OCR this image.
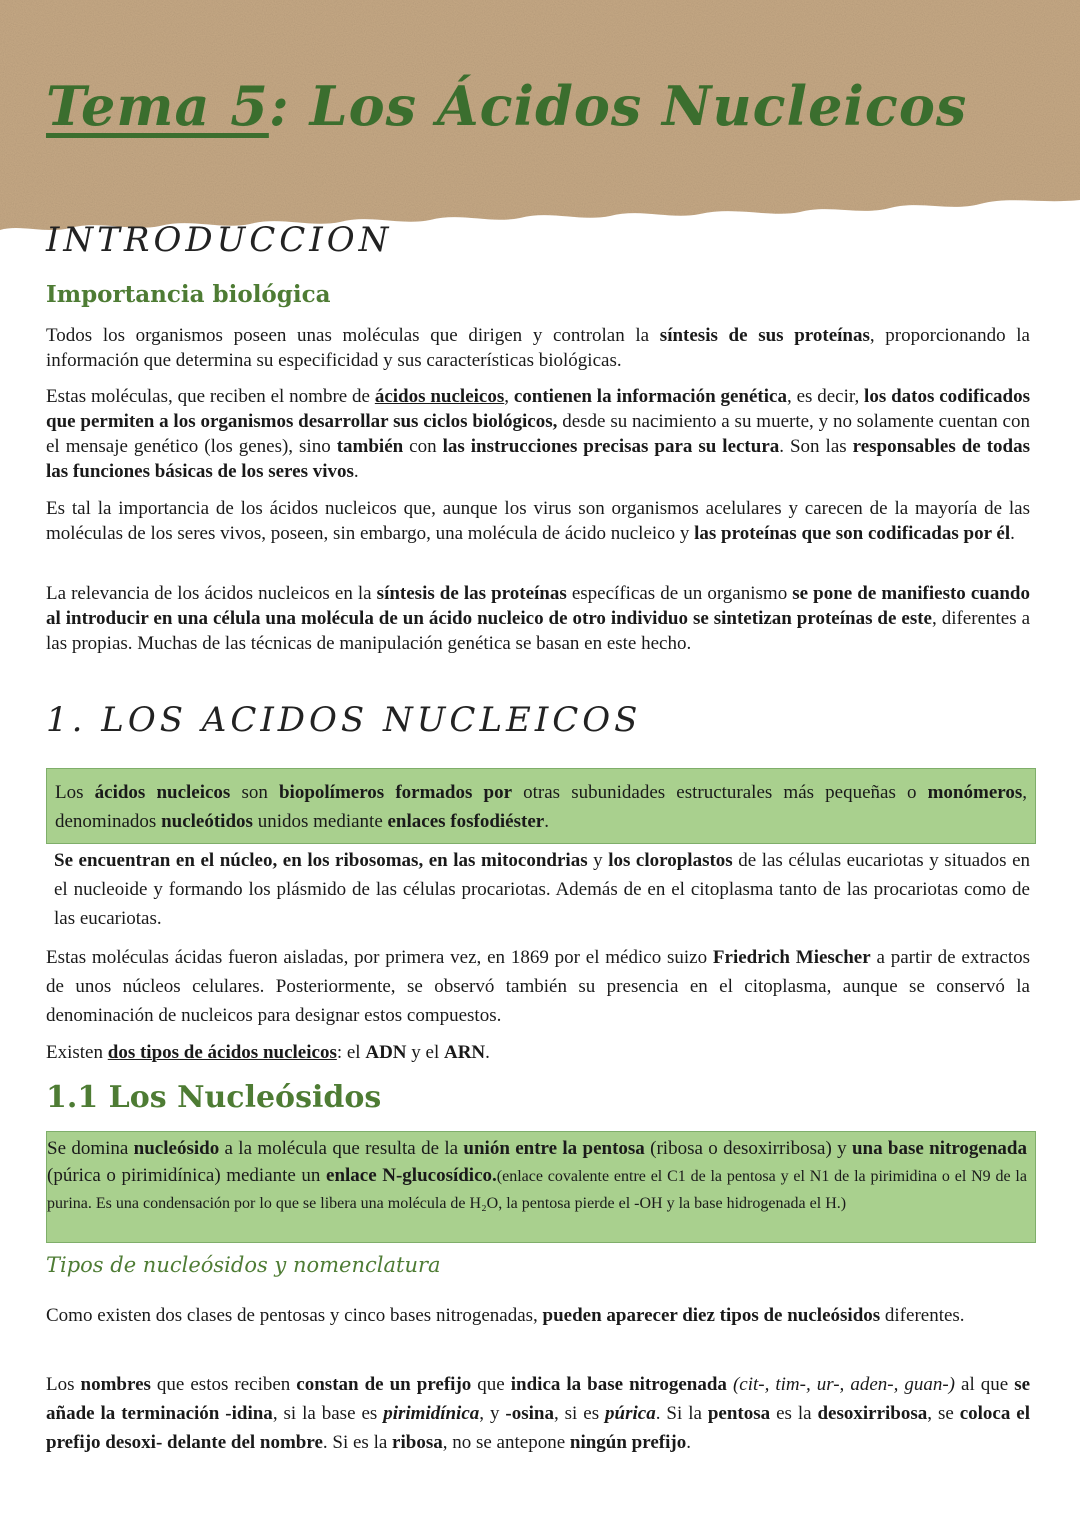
Tema 5: Los Ácidos Nucleicos
INTRODUCCION
Importancia biológica

Todos los organismos poseen unas moléculas que dirigen y controlan la síntesis de sus proteínas, proporcionando la información que determina su especificidad y sus características biológicas.

Estas moléculas, que reciben el nombre de ácidos nucleicos, contienen la información genética, es decir, los datos codificados que permiten a los organismos desarrollar sus ciclos biológicos, desde su nacimiento a su muerte, y no solamente cuentan con el mensaje genético (los genes), sino también con las instrucciones precisas para su lectura. Son las responsables de todas las funciones básicas de los seres vivos.

Es tal la importancia de los ácidos nucleicos que, aunque los virus son organismos acelulares y carecen de la mayoría de las moléculas de los seres vivos, poseen, sin embargo, una molécula de ácido nucleico y las proteínas que son codificadas por él.

La relevancia de los ácidos nucleicos en la síntesis de las proteínas específicas de un organismo se pone de manifiesto cuando al introducir en una célula una molécula de un ácido nucleico de otro individuo se sintetizan proteínas de este, diferentes a las propias. Muchas de las técnicas de manipulación genética se basan en este hecho.

1. LOS ACIDOS NUCLEICOS

Los ácidos nucleicos son biopolímeros formados por otras subunidades estructurales más pequeñas o monómeros, denominados nucleótidos unidos mediante enlaces fosfodiéster.

Se encuentran en el núcleo, en los ribosomas, en las mitocondrias y los cloroplastos de las células eucariotas y situados en el nucleoide y formando los plásmido de las células procariotas. Además de en el citoplasma tanto de las procariotas como de las eucariotas.

Estas moléculas ácidas fueron aisladas, por primera vez, en 1869 por el médico suizo Friedrich Miescher a partir de extractos de unos núcleos celulares. Posteriormente, se observó también su presencia en el citoplasma, aunque se conservó la denominación de nucleicos para designar estos compuestos.

Existen dos tipos de ácidos nucleicos: el ADN y el ARN.

1.1 Los Nucleósidos

Se domina nucleósido a la molécula que resulta de la unión entre la pentosa (ribosa o desoxirribosa) y una base nitrogenada (púrica o pirimidínica) mediante un enlace N-glucosídico.(enlace covalente entre el C1 de la pentosa y el N1 de la pirimidina o el N9 de la purina. Es una condensación por lo que se libera una molécula de H₂O, la pentosa pierde el -OH y la base hidrogenada el H.)

Tipos de nucleósidos y nomenclatura

Como existen dos clases de pentosas y cinco bases nitrogenadas, pueden aparecer diez tipos de nucleósidos diferentes.

Los nombres que estos reciben constan de un prefijo que indica la base nitrogenada (cit-, tim-, ur-, aden-, guan-) al que se añade la terminación -idina, si la base es pirimidínica, y -osina, si es púrica. Si la pentosa es la desoxirribosa, se coloca el prefijo desoxi- delante del nombre. Si es la ribosa, no se antepone ningún prefijo.
